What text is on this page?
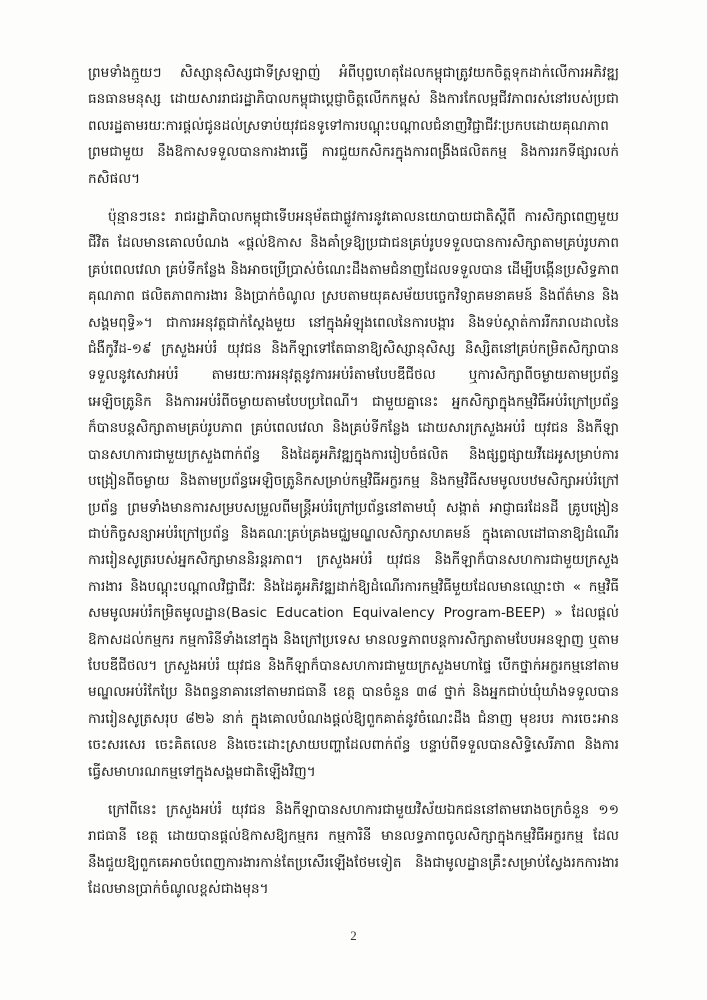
ព្រមទាំងក្មួយៗ សិស្សានុសិស្សជាទីស្រឡាញ់ អំពីបុព្វហេតុដែលកម្ពុជាត្រូវយកចិត្តទុកដាក់លើការអភិវឌ្ឍធនធានមនុស្ស ដោយសាររាជរដ្ឋាភិបាលកម្ពុជាប្ដេជ្ញាចិត្តលើកកម្ពស់ និងការកែលម្អជីវភាពរស់នៅរបស់ប្រជាពលរដ្ឋតាមរយៈការផ្ដល់ជូនដល់ស្រទាប់យុវជនទូទៅការបណ្ដុះបណ្ដាលជំនាញវិជ្ជាជីវៈប្រកបដោយគុណភាព ព្រមជាមួយ នឹងឱកាសទទួលបានការងារធ្វើ ការជួយកសិករក្នុងការពង្រីងផលិតកម្ម និងការរកទីផ្សារលក់កសិផល។

ប៉ុន្មានៗនេះ រាជរដ្ឋាភិបាលកម្ពុជាទើបអនុម័តជាផ្លូវការនូវគោលនយោបាយជាតិស្ដីពី ការសិក្សាពេញមួយជីវិត ដែលមានគោលបំណង «ផ្ដល់ឱកាស និងគាំទ្រឱ្យប្រជាជនគ្រប់រូបទទួលបានការសិក្សាតាមគ្រប់រូបភាព គ្រប់ពេលវេលា គ្រប់ទីកន្លែង និងអាចប្រើប្រាស់ចំណេះដឹងតាមជំនាញដែលទទួលបាន ដើម្បីបង្កើនប្រសិទ្ធភាព គុណភាព ផលិតភាពការងារ និងប្រាក់ចំណូល ស្របតាមយុគសម័យបច្ចេកវិទ្យាគមនាគមន៍ និងព័ត៌មាន និងសង្គមពុទ្ធិ»។ ជាការអនុវត្តជាក់ស្ដែងមួយ នៅក្នុងអំឡុងពេលនៃការបង្ការ និងទប់ស្កាត់ការរីករាលដាលនៃជំងឺកូវីដ-១៩ ក្រសួងអប់រំ យុវជន និងកីឡាទៅតែធានាឱ្យសិស្សានុសិស្ស និស្សិតនៅគ្រប់កម្រិតសិក្សាបានទទួលនូវសេវាអប់រំ តាមរយៈការអនុវត្តនូវការអប់រំតាមបែបឌីជីថល ឬការសិក្សាពីចម្ងាយតាមប្រព័ន្ធអេឡិចត្រូនិក និងការអប់រំពីចម្ងាយតាមបែបប្រពៃណី។ ជាមួយគ្នានេះ អ្នកសិក្សាក្នុងកម្មវិធីអប់រំក្រៅប្រព័ន្ធក៏បានបន្តសិក្សាតាមគ្រប់រូបភាព គ្រប់ពេលវេលា និងគ្រប់ទីកន្លែង ដោយសារក្រសួងអប់រំ យុវជន និងកីឡាបានសហការជាមួយក្រសួងពាក់ព័ន្ធ និងដៃគូអភិវឌ្ឍក្នុងការរៀបចំផលិត និងផ្សព្វផ្សាយវីដេអូសម្រាប់ការបង្រៀនពីចម្ងាយ និងតាមប្រព័ន្ធអេឡិចត្រូនិកសម្រាប់កម្មវិធីអក្ខរកម្ម និងកម្មវិធីសមមូលបឋមសិក្សាអប់រំក្រៅប្រព័ន្ធ ព្រមទាំងមានការសម្របសម្រួលពីមន្ត្រីអប់រំក្រៅប្រព័ន្ធនៅតាមឃុំ សង្កាត់ អាជ្ញាធរដែនដី គ្រូបង្រៀនជាប់កិច្ចសន្យាអប់រំក្រៅប្រព័ន្ធ និងគណៈគ្រប់គ្រងមជ្ឈមណ្ឌលសិក្សាសហគមន៍ ក្នុងគោលដៅធានាឱ្យដំណើរការរៀនសូត្ររបស់អ្នកសិក្សាមាននិរន្តរភាព។ ក្រសួងអប់រំ យុវជន និងកីឡាក៏បានសហការជាមួយក្រសួងការងារ និងបណ្ដុះបណ្ដាលវិជ្ជាជីវៈ និងដៃគូអភិវឌ្ឍដាក់ឱ្យដំណើរការកម្មវិធីមួយដែលមានឈ្មោះថា « កម្មវិធីសមមូលអប់រំកម្រិតមូលដ្ឋាន(Basic Education Equivalency Program-BEEP) » ដែលផ្ដល់ឱកាសដល់កម្មករ កម្មការិនីទាំងនៅក្នុង និងក្រៅប្រទេស មានលទ្ធភាពបន្តការសិក្សាតាមបែបអនឡាញ ឬតាមបែបឌីជីថល។ ក្រសួងអប់រំ យុវជន និងកីឡាក៏បានសហការជាមួយក្រសួងមហាផ្ទៃ បើកថ្នាក់អក្ខរកម្មនៅតាមមណ្ឌលអប់រំកែប្រែ និងពន្ធនាគារនៅតាមរាជធានី ខេត្ត បានចំនួន ៣៨ ថ្នាក់ និងអ្នកជាប់ឃុំឃាំងទទួលបានការរៀនសូត្រសរុប ៨២៦ នាក់ ក្នុងគោលបំណងផ្ដល់ឱ្យពួកគាត់នូវចំណេះដឹង ជំនាញ មុខរបរ ការចេះអាន ចេះសរសេរ ចេះគិតលេខ និងចេះដោះស្រាយបញ្ហាដែលពាក់ព័ន្ធ បន្ទាប់ពីទទួលបានសិទ្ធិសេរីភាព និងការធ្វើសមាហរណកម្មទៅក្នុងសង្គមជាតិឡើងវិញ។

ក្រៅពីនេះ ក្រសួងអប់រំ យុវជន និងកីឡាបានសហការជាមួយវិស័យឯកជននៅតាមរោងចក្រចំនួន ១១ រាជធានី ខេត្ត ដោយបានផ្ដល់ឱកាសឱ្យកម្មករ កម្មការិនី មានលទ្ធភាពចូលសិក្សាក្នុងកម្មវិធីអក្ខរកម្ម ដែលនឹងជួយឱ្យពួកគេអាចបំពេញការងារកាន់តែប្រសើរឡើងថែមទៀត និងជាមូលដ្ឋានគ្រឹះសម្រាប់ស្វែងរកការងារដែលមានប្រាក់ចំណូលខ្ពស់ជាងមុន។

2
